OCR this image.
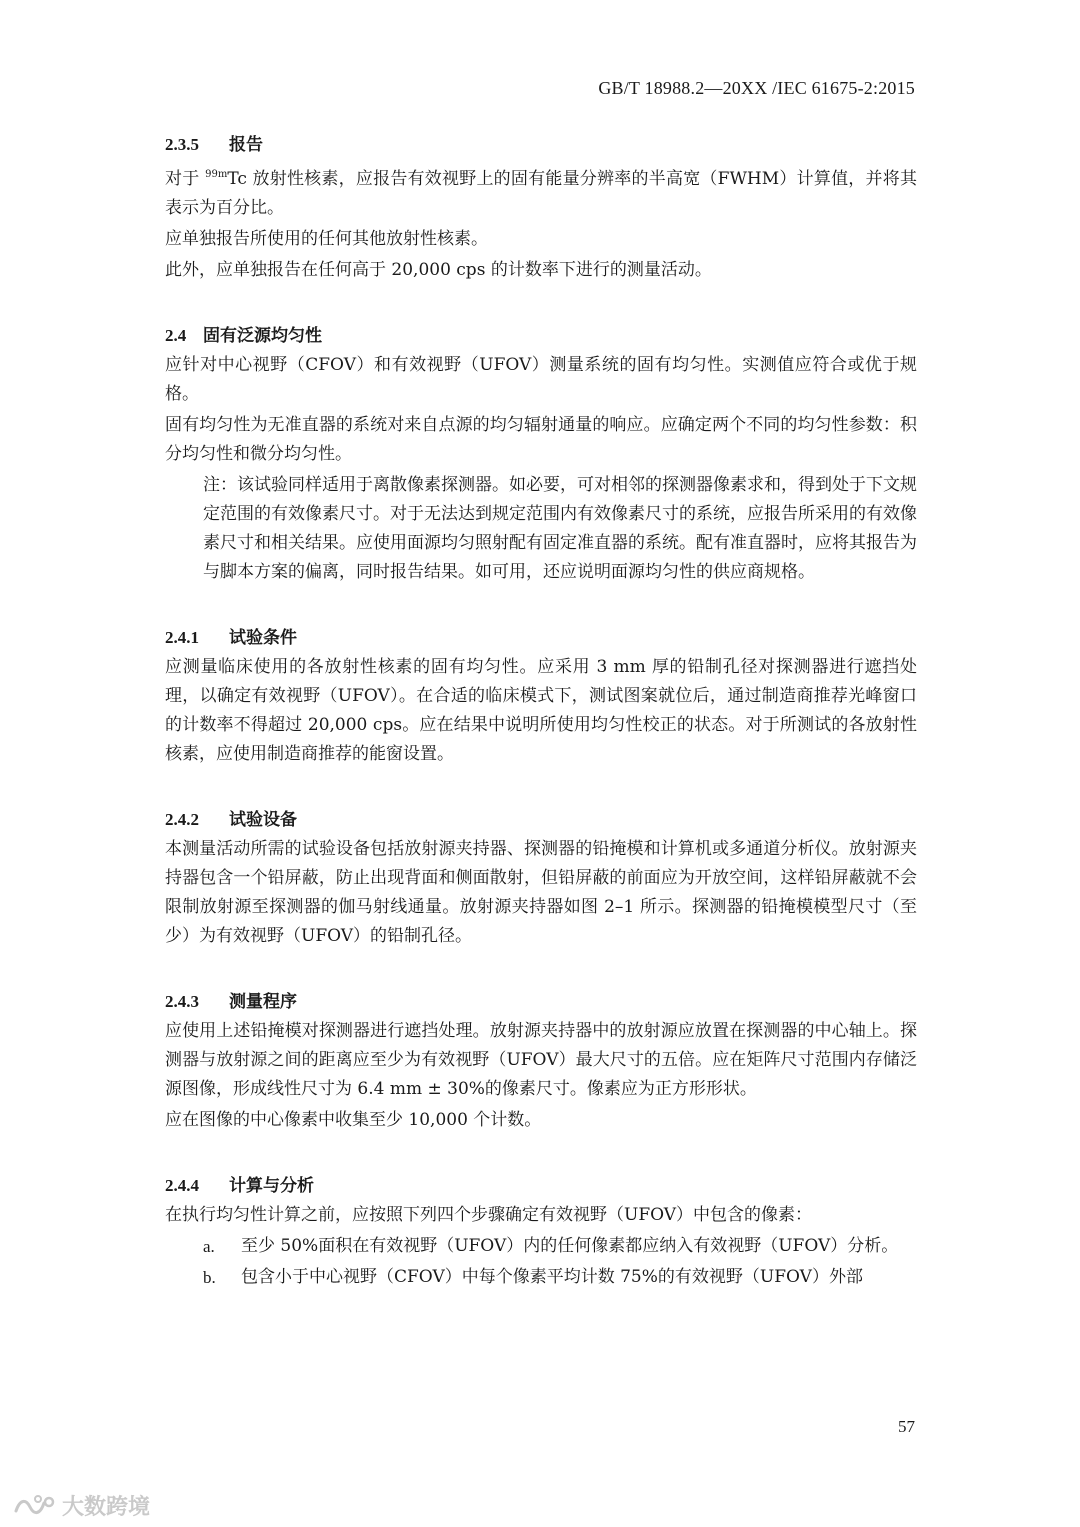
GB/T 18988.2—20XX /IEC 61675-2:2015
2.3.5 报告

对于 $^{99m}$Tc 放射性核素，应报告有效视野上的固有能量分辨率的半高宽（FWHM）计算值，并将其表示为百分比。

应单独报告所使用的任何其他放射性核素。

此外，应单独报告在任何高于 20,000 cps 的计数率下进行的测量活动。

2.4 固有泛源均匀性

应针对中心视野（CFOV）和有效视野（UFOV）测量系统的固有均匀性。实测值应符合或优于规格。

固有均匀性为无准直器的系统对来自点源的均匀辐射通量的响应。应确定两个不同的均匀性参数：积分均匀性和微分均匀性。

注：该试验同样适用于离散像素探测器。如必要，可对相邻的探测器像素求和，得到处于下文规定范围的有效像素尺寸。对于无法达到规定范围内有效像素尺寸的系统，应报告所采用的有效像素尺寸和相关结果。应使用面源均匀照射配有固定准直器的系统。配有准直器时，应将其报告为与脚本方案的偏离，同时报告结果。如可用，还应说明面源均匀性的供应商规格。

2.4.1 试验条件

应测量临床使用的各放射性核素的固有均匀性。应采用 3 mm 厚的铅制孔径对探测器进行遮挡处理，以确定有效视野（UFOV）。在合适的临床模式下，测试图案就位后，通过制造商推荐光峰窗口的计数率不得超过 20,000 cps。应在结果中说明所使用均匀性校正的状态。对于所测试的各放射性核素，应使用制造商推荐的能窗设置。

2.4.2 试验设备

本测量活动所需的试验设备包括放射源夹持器、探测器的铅掩模和计算机或多通道分析仪。放射源夹持器包含一个铅屏蔽，防止出现背面和侧面散射，但铅屏蔽的前面应为开放空间，这样铅屏蔽就不会限制放射源至探测器的伽马射线通量。放射源夹持器如图 2–1 所示。探测器的铅掩模模型尺寸（至少）为有效视野（UFOV）的铅制孔径。

2.4.3 测量程序

应使用上述铅掩模对探测器进行遮挡处理。放射源夹持器中的放射源应放置在探测器的中心轴上。探测器与放射源之间的距离应至少为有效视野（UFOV）最大尺寸的五倍。应在矩阵尺寸范围内存储泛源图像，形成线性尺寸为 6.4 mm ± 30%的像素尺寸。像素应为正方形形状。

应在图像的中心像素中收集至少 10,000 个计数。

2.4.4 计算与分析

在执行均匀性计算之前，应按照下列四个步骤确定有效视野（UFOV）中包含的像素：

a.	至少 50%面积在有效视野（UFOV）内的任何像素都应纳入有效视野（UFOV）分析。
b.	包含小于中心视野（CFOV）中每个像素平均计数 75%的有效视野（UFOV）外部
57
大数跨境
